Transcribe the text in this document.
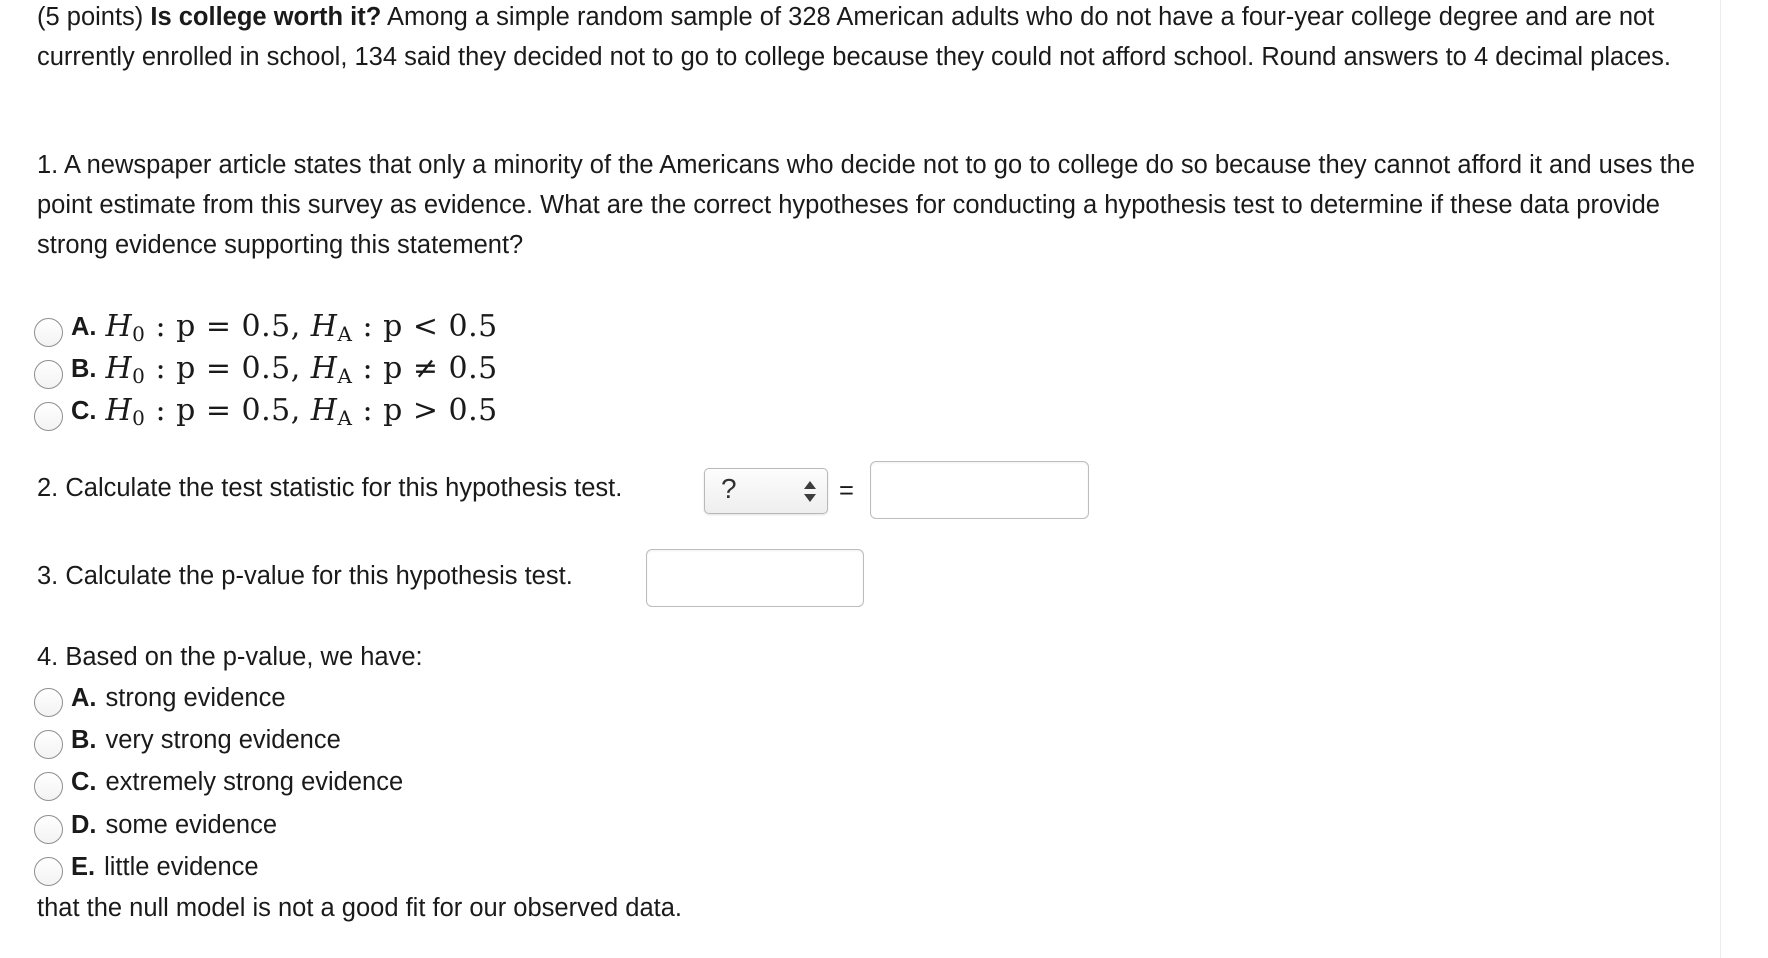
(5 points) Is college worth it? Among a simple random sample of 328 American adults who do not have a four-year college degree and are not currently enrolled in school, 134 said they decided not to go to college because they could not afford school. Round answers to 4 decimal places.

1. A newspaper article states that only a minority of the Americans who decide not to go to college do so because they cannot afford it and uses the point estimate from this survey as evidence. What are the correct hypotheses for conducting a hypothesis test to determine if these data provide strong evidence supporting this statement?

A. $H_0$ : p = 0.5, $H_A$ : p < 0.5
B. $H_0$ : p = 0.5, $H_A$ : p ≠ 0.5
C. $H_0$ : p = 0.5, $H_A$ : p > 0.5

2. Calculate the test statistic for this hypothesis test.	?	=

3. Calculate the p-value for this hypothesis test.

4. Based on the p-value, we have:

A. strong evidence
B. very strong evidence
C. extremely strong evidence
D. some evidence
E. little evidence

that the null model is not a good fit for our observed data.
